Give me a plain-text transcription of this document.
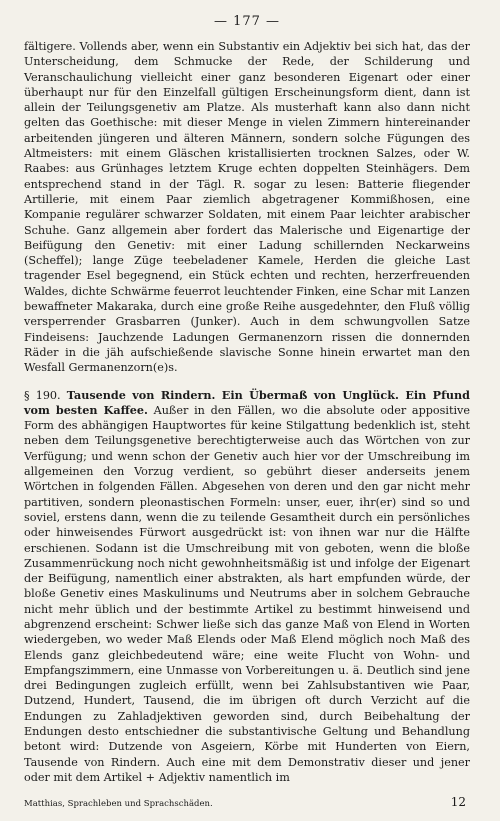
— 177 —

fältigere. Vollends aber, wenn ein Substantiv ein Adjektiv bei sich hat, das der Unterscheidung, dem Schmucke der Rede, der Schilderung und Veranschaulichung vielleicht einer ganz besonderen Eigenart oder einer überhaupt nur für den Einzelfall gültigen Erscheinungsform dient, dann ist allein der Teilungsgenetiv am Platze. Als musterhaft kann also dann nicht gelten das Goethische: mit dieser Menge in vielen Zimmern hintereinander arbeitenden jüngeren und älteren Männern, sondern solche Fügungen des Altmeisters: mit einem Gläschen kristallisierten trocknen Salzes, oder W. Raabes: aus Grünhages letztem Kruge echten doppelten Steinhägers. Dem entsprechend stand in der Tägl. R. sogar zu lesen: Batterie fliegender Artillerie, mit einem Paar ziemlich abgetragener Kommißhosen, eine Kompanie regulärer schwarzer Soldaten, mit einem Paar leichter arabischer Schuhe. Ganz allgemein aber fordert das Malerische und Eigenartige der Beifügung den Genetiv: mit einer Ladung schillernden Neckarweins (Scheffel); lange Züge teebeladener Kamele, Herden die gleiche Last tragender Esel begegnend, ein Stück echten und rechten, herzerfreuenden Waldes, dichte Schwärme feuerrot leuchtender Finken, eine Schar mit Lanzen bewaffneter Makaraka, durch eine große Reihe ausgedehnter, den Fluß völlig versperrender Grasbarren (Junker). Auch in dem schwungvollen Satze Findeisens: Jauchzende Ladungen Germanenzorn rissen die donnernden Räder in die jäh aufschießende slavische Sonne hinein erwartet man den Wesfall Germanenzorn(e)s.

§ 190. Tausende von Rindern. Ein Übermaß von Unglück. Ein Pfund vom besten Kaffee. Außer in den Fällen, wo die absolute oder appositive Form des abhängigen Hauptwortes für keine Stilgattung bedenklich ist, steht neben dem Teilungsgenetive berechtigterweise auch das Wörtchen von zur Verfügung; und wenn schon der Genetiv auch hier vor der Umschreibung im allgemeinen den Vorzug verdient, so gebührt dieser anderseits jenem Wörtchen in folgenden Fällen. Abgesehen von deren und den gar nicht mehr partitiven, sondern pleonastischen Formeln: unser, euer, ihr(er) sind so und soviel, erstens dann, wenn die zu teilende Gesamtheit durch ein persönliches oder hinweisendes Fürwort ausgedrückt ist: von ihnen war nur die Hälfte erschienen. Sodann ist die Umschreibung mit von geboten, wenn die bloße Zusammenrückung noch nicht gewohnheitsmäßig ist und infolge der Eigenart der Beifügung, namentlich einer abstrakten, als hart empfunden würde, der bloße Genetiv eines Maskulinums und Neutrums aber in solchem Gebrauche nicht mehr üblich und der bestimmte Artikel zu bestimmt hinweisend und abgrenzend erscheint: Schwer ließe sich das ganze Maß von Elend in Worten wiedergeben, wo weder Maß Elends oder Maß Elend möglich noch Maß des Elends ganz gleichbedeutend wäre; eine weite Flucht von Wohn- und Empfangszimmern, eine Unmasse von Vorbereitungen u. ä. Deutlich sind jene drei Bedingungen zugleich erfüllt, wenn bei Zahlsubstantiven wie Paar, Dutzend, Hundert, Tausend, die im übrigen oft durch Verzicht auf die Endungen zu Zahladjektiven geworden sind, durch Beibehaltung der Endungen desto entschiedner die substantivische Geltung und Behandlung betont wird: Dutzende von Asgeiern, Körbe mit Hunderten von Eiern, Tausende von Rindern. Auch eine mit dem Demonstrativ dieser und jener oder mit dem Artikel + Adjektiv namentlich im

Matthias, Sprachleben und Sprachschäden.	12
